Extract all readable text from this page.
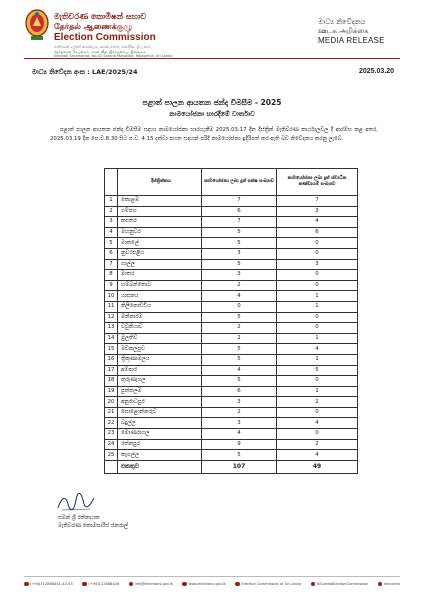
මැතිවරණ කොමිෂන් සභාව
தேர்தல் ஆணைக்குழு
Election Commission
මැතිවරණ ලේකම් කාර්යාලය, සරණ මාවත, රාජගිරිය, ශ්‍රී ලංකාව
தேர்தல்கள் செயலகம், சரண வீதி, இராஜகிரிய, இலங்கை
Election Secretariat, No.02 Sarana Mawatha, Rajagiriya, Sri Lanka
මාධ්‍ය නිවේදනය
ஊடக அறிக்கை
MEDIA RELEASE
මාධ්‍ය නිවේදන අංක : LAE/2025/24	2025.03.20
පළාත් පාලන ආයතන ඡන්ද විමසීම - 2025
නාමයෝජනා භාරදීමේ වාර්තාව
පළාත් පාලන ආයතන ඡන්ද විමසීම සඳහා නාමයෝජනා භාරගැනීම 2025.03.17 දින දිස්ත්‍රික් මැතිවරණ කාර්යාලවල දී ආරම්භ කළ අතර, 2025.03.19 දින පෙ.ව.8.30 සිට ප.ව. 4.15 දක්වා පහත සඳහන් පරිදි නාමයෝජනා ඉදිරිපත් කර ඇති බව නිවේදනය කරනු ලැබේ.
	දිස්ත්‍රික්කය	නාමයෝජනා ලබා දුන් පක්ෂ සංඛ්‍යාව	නාමයෝජනා ලබා දුන් ස්වාධීන කණ්ඩායම් සංඛ්‍යාව
1	කොළඹ	7	7
2	ගම්පහ	6	3
3	කළුතර	7	4
4	මහනුවර	5	6
5	මාතලේ	5	0
6	නුවරඑළිය	3	0
7	ගාල්ල	5	3
8	මාතර	3	0
9	හම්බන්තොට	2	0
10	යාපනය	4	1
11	කිලිනොච්චිය	0	1
12	මන්නාරම	5	0
13	වවුනියාව	2	0
14	මුලතිව්	2	1
15	මඩකලපුව	5	4
16	ත්‍රිකුණාමලය	5	1
17	අම්පාර	4	5
18	කුරුණෑගල	5	0
19	පුත්තලම	6	1
20	අනුරාධපුර	3	2
21	පොළොන්නරුව	2	0
22	බදුල්ල	3	4
23	මොණරාගල	4	0
24	රත්නපුර	9	2
25	කෑගල්ල	5	4
	එකතුව	107	49
සමන් ශ්‍රී රත්නායක
මැතිවරණ කොමසාරිස් ජනරාල්
(+94)112868441-42-43	(+94)112868426	info@elections.gov.lk	www.elections.gov.lk	Election Commission of Sri Lanka	SriLankaElectionCommission	elecomsl
